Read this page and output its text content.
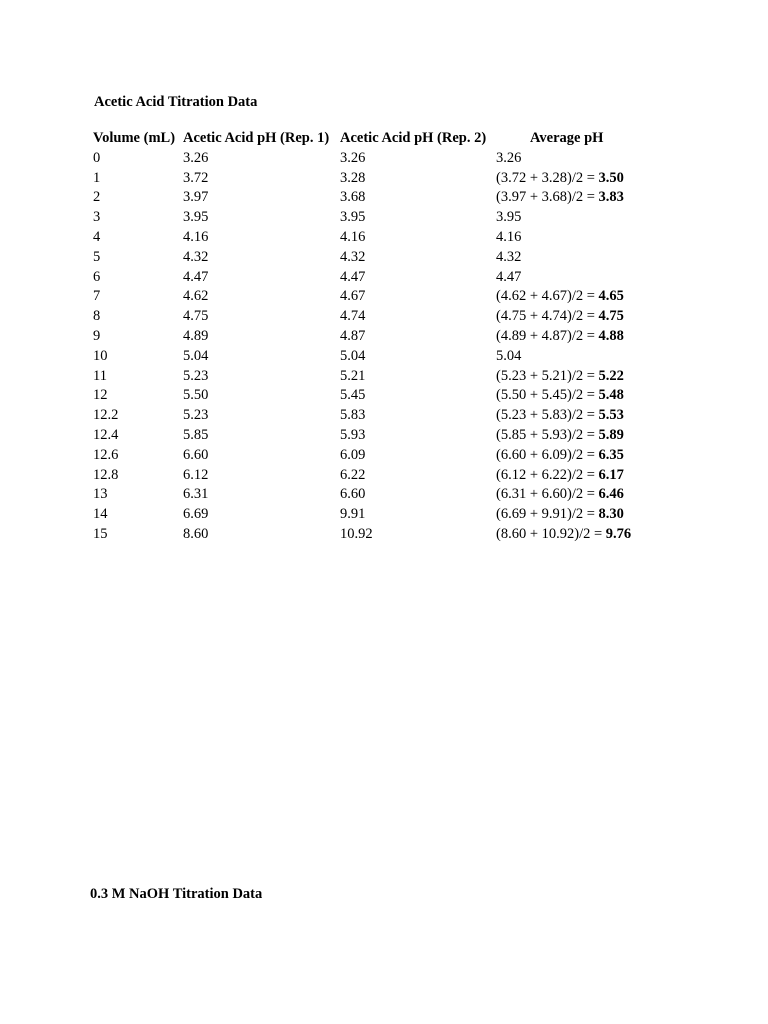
Acetic Acid Titration Data
Volume (mL)	Acetic Acid pH (Rep. 1)	Acetic Acid pH (Rep. 2)	Average pH
0	3.26	3.26	3.26
1	3.72	3.28	(3.72 + 3.28)/2 = 3.50
2	3.97	3.68	(3.97 + 3.68)/2 = 3.83
3	3.95	3.95	3.95
4	4.16	4.16	4.16
5	4.32	4.32	4.32
6	4.47	4.47	4.47
7	4.62	4.67	(4.62 + 4.67)/2 = 4.65
8	4.75	4.74	(4.75 + 4.74)/2 = 4.75
9	4.89	4.87	(4.89 + 4.87)/2 = 4.88
10	5.04	5.04	5.04
11	5.23	5.21	(5.23 + 5.21)/2 = 5.22
12	5.50	5.45	(5.50 + 5.45)/2 = 5.48
12.2	5.23	5.83	(5.23 + 5.83)/2 = 5.53
12.4	5.85	5.93	(5.85 + 5.93)/2 = 5.89
12.6	6.60	6.09	(6.60 + 6.09)/2 = 6.35
12.8	6.12	6.22	(6.12 + 6.22)/2 = 6.17
13	6.31	6.60	(6.31 + 6.60)/2 = 6.46
14	6.69	9.91	(6.69 + 9.91)/2 = 8.30
15	8.60	10.92	(8.60 + 10.92)/2 = 9.76
0.3 M NaOH Titration Data
